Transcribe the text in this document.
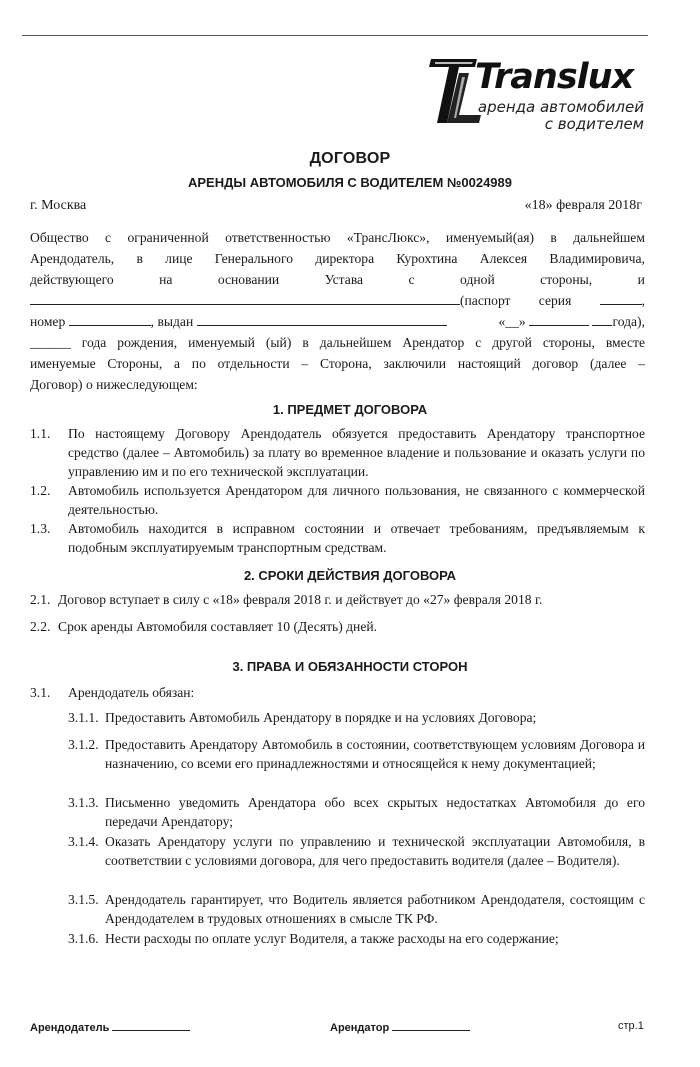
Translux
аренда автомобилей
с водителем
ДОГОВОР
АРЕНДЫ АВТОМОБИЛЯ С ВОДИТЕЛЕМ №0024989
г. Москва	«18» февраля 2018г
Общество с ограниченной ответственностью «ТрансЛюкс», именуемый(ая) в дальнейшем
Арендодатель, в лице Генерального директора Курохтина Алексея Владимировича,
действующего	на	основании	Устава	с	одной	стороны,	и
(паспорт серия	,
номер	, выдан	«__»	года),
______ года рождения, именуемый (ый) в дальнейшем Арендатор с другой стороны, вместе
именуемые Стороны, а по отдельности – Сторона, заключили настоящий договор (далее –
Договор) о нижеследующем:
1. ПРЕДМЕТ ДОГОВОРА
1.1. По настоящему Договору Арендодатель обязуется предоставить Арендатору транспортное средство (далее – Автомобиль) за плату во временное владение и пользование и оказать услуги по управлению им и по его технической эксплуатации.
1.2. Автомобиль используется Арендатором для личного пользования, не связанного с коммерческой деятельностью.
1.3. Автомобиль находится в исправном состоянии и отвечает требованиям, предъявляемым к подобным эксплуатируемым транспортным средствам.
2. СРОКИ ДЕЙСТВИЯ ДОГОВОРА
2.1. Договор вступает в силу с «18» февраля 2018 г. и действует до «27» февраля 2018 г.
2.2. Срок аренды Автомобиля составляет 10 (Десять) дней.
3. ПРАВА И ОБЯЗАННОСТИ СТОРОН
3.1. Арендодатель обязан:
3.1.1. Предоставить Автомобиль Арендатору в порядке и на условиях Договора;
3.1.2. Предоставить Арендатору Автомобиль в состоянии, соответствующем условиям Договора и назначению, со всеми его принадлежностями и относящейся к нему документацией;
3.1.3. Письменно уведомить Арендатора обо всех скрытых недостатках Автомобиля до его передачи Арендатору;
3.1.4. Оказать Арендатору услуги по управлению и технической эксплуатации Автомобиля, в соответствии с условиями договора, для чего предоставить водителя (далее – Водителя).
3.1.5. Арендодатель гарантирует, что Водитель является работником Арендодателя, состоящим с Арендодателем в трудовых отношениях в смысле ТК РФ.
3.1.6. Нести расходы по оплате услуг Водителя, а также расходы на его содержание;
Арендодатель	Арендатор	стр.1
